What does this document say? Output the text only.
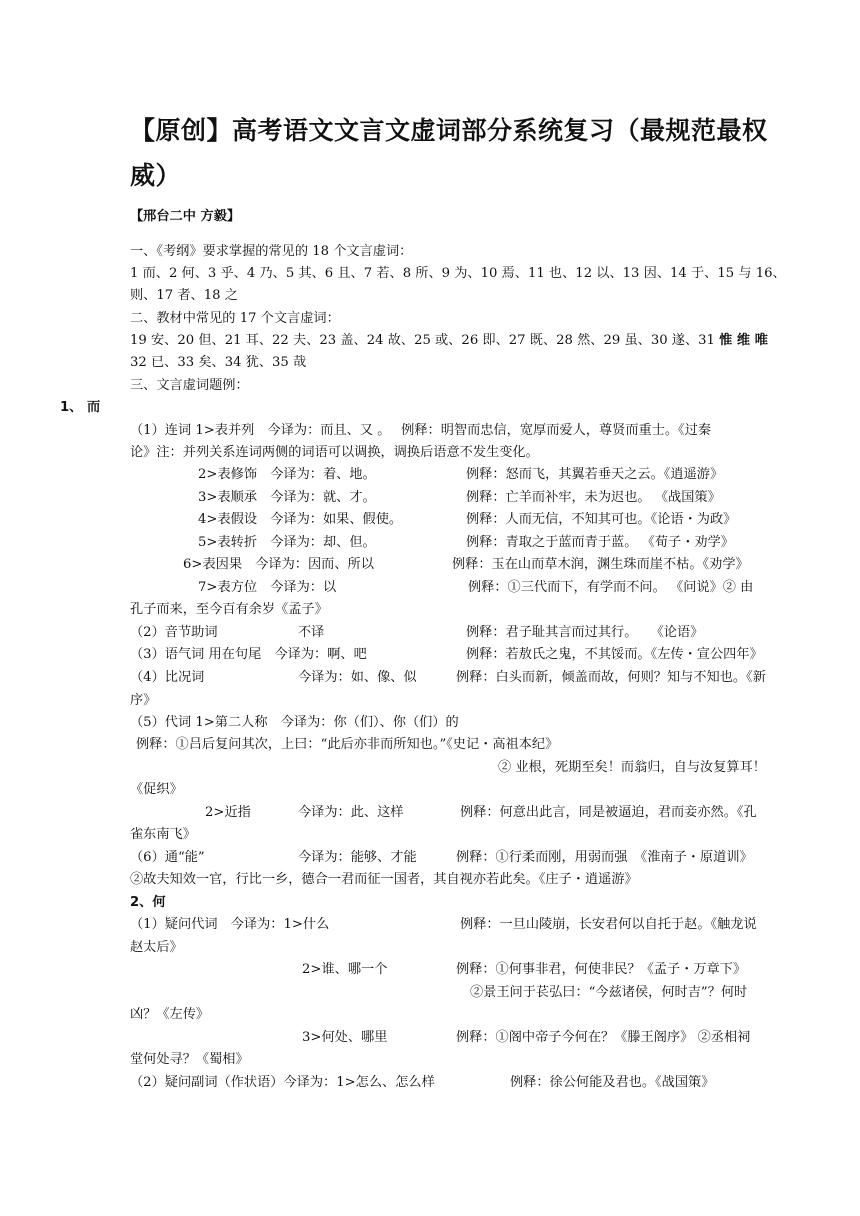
【原创】高考语文文言文虚词部分系统复习（最规范最权
威）
【邢台二中 方毅】
一、《考纲》要求掌握的常见的 18 个文言虚词：
1 而、2 何、3 乎、4 乃、5 其、6 且、7 若、8 所、9 为、10 焉、11 也、12 以、13 因、14 于、15 与 16、
则、17 者、18 之
二、教材中常见的 17 个文言虚词：
19 安、20 但、21 耳、22 夫、23 盖、24 故、25 或、26 即、27 既、28 然、29 虽、30 遂、31 惟 维 唯
32 已、33 矣、34 犹、35 哉
三、文言虚词题例：
1、 而
（1）连词 1>表并列　今译为：而且、又 。　 例释：明智而忠信，宽厚而爱人，尊贤而重士。《过秦
论》注：并列关系连词两侧的词语可以调换，调换后语意不发生变化。
2>表修饰　今译为：着、地。	例释：怒而飞，其翼若垂天之云。《逍遥游》
3>表顺承　今译为：就、才。	例释：亡羊而补牢，未为迟也。 《战国策》
4>表假设　今译为：如果、假使。	例释：人而无信，不知其可也。《论语・为政》
5>表转折　今译为：却、但。	例释：青取之于蓝而青于蓝。 《荀子・劝学》
6>表因果　今译为：因而、所以	例释：玉在山而草木润，渊生珠而崖不枯。《劝学》
7>表方位　今译为：以	例释：①三代而下，有学而不问。 《问说》② 由
孔子而来，至今百有余岁《孟子》
（2）音节助词	不译	例释：君子耻其言而过其行。　　《论语》
（3）语气词 用在句尾　今译为：啊、吧	例释：若敖氏之鬼，不其馁而。《左传・宣公四年》
（4）比况词	今译为：如、像、似	例释：白头而新，倾盖而故，何则？知与不知也。《新
序》
（5）代词 1>第二人称　今译为：你（们）、你（们）的
例释：①吕后复问其次，上曰：“此后亦非而所知也。”《史记・高祖本纪》
② 业根，死期至矣！而翁归，自与汝复算耳！
《促织》
2>近指	今译为：此、这样	例释：何意出此言，同是被逼迫，君而妾亦然。《孔
雀东南飞》
（6）通“能”	今译为：能够、才能	例释：①行柔而刚，用弱而强　《淮南子・原道训》
②故夫知效一官，行比一乡，德合一君而征一国者，其自视亦若此矣。《庄子・逍遥游》
2、何
（1）疑问代词　今译为：1>什么	例释：一旦山陵崩，长安君何以自托于赵。《触龙说
赵太后》
2>谁、哪一个	例释：①何事非君，何使非民？《孟子・万章下》
②景王问于苌弘曰：“今兹诸侯，何时吉”？何时
凶？《左传》
3>何处、哪里	例释：①阁中帝子今何在？《滕王阁序》 ②丞相祠
堂何处寻？《蜀相》
（2）疑问副词（作状语）今译为：1>怎么、怎么样	例释：徐公何能及君也。《战国策》
